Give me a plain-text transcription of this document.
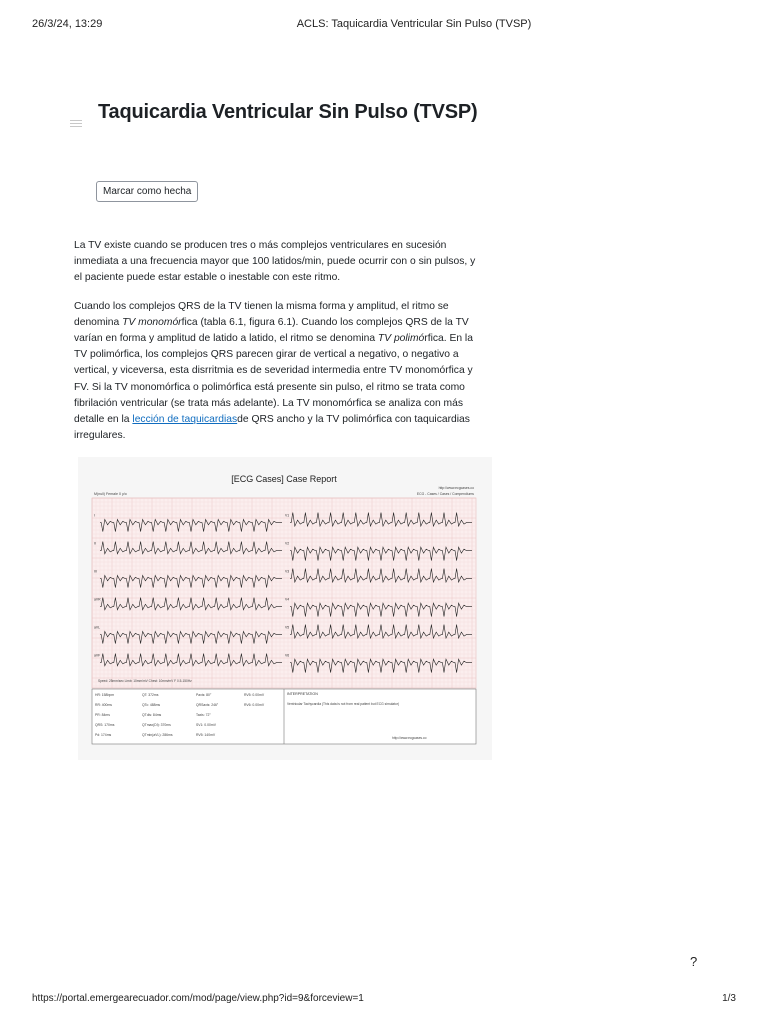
26/3/24, 13:29	ACLS: Taquicardia Ventricular Sin Pulso (TVSP)
Taquicardia Ventricular Sin Pulso (TVSP)
Marcar como hecha

La TV existe cuando se producen tres o más complejos ventriculares en sucesión inmediata a una frecuencia mayor que 100 latidos/min, puede ocurrir con o sin pulsos, y el paciente puede estar estable o inestable con este ritmo.

Cuando los complejos QRS de la TV tienen la misma forma y amplitud, el ritmo se denomina TV monomórfica (tabla 6.1, figura 6.1). Cuando los complejos QRS de la TV varían en forma y amplitud de latido a latido, el ritmo se denomina TV polimórfica. En la TV polimórfica, los complejos QRS parecen girar de vertical a negativo, o negativo a vertical, y viceversa, esta disrritmia es de severidad intermedia entre TV monomórfica y FV. Si la TV monomórfica o polimórfica está presente sin pulso, el ritmo se trata como fibrilación ventricular (se trata más adelante). La TV monomórfica se analiza con más detalle en la lección de taquicardiasde QRS ancho y la TV polimórfica con taquicardias irregulares.

I	V1
II	V2
III	V3
aVR	V4
aVL	V5
aVF	V6
[ECG Cases] Case Report
M(null) Female 0 y/o
http://www.ecgcases.co
ECG - Cases / Cases / Compendiums
Speed: 25mm/sec Limb: 10mm/mV Chest: 10mm/mV F 0.5-150Hz
HR: 158bpm	QT: 372ms	Paxis: 80°	RV5: 0.00mV
RR: 400ms	QTc: 488ms	QRSaxis: 246°	RV6: 0.00mV
PR: 84ms	QTdis: 84ms	Taxis: 72°
QRS: 170ms	QTmax(DI): 370ms	SV1: 0.00mV
Pd: 174ms	QTmin(aVL): 286ms	RV5: 140mV
INTERPRETATION
Ventricular Tachycardia (This data is not from real patient but ECG simulator)
http://www.ecgcases.co
?
https://portal.emergearecuador.com/mod/page/view.php?id=9&forceview=1	1/3
